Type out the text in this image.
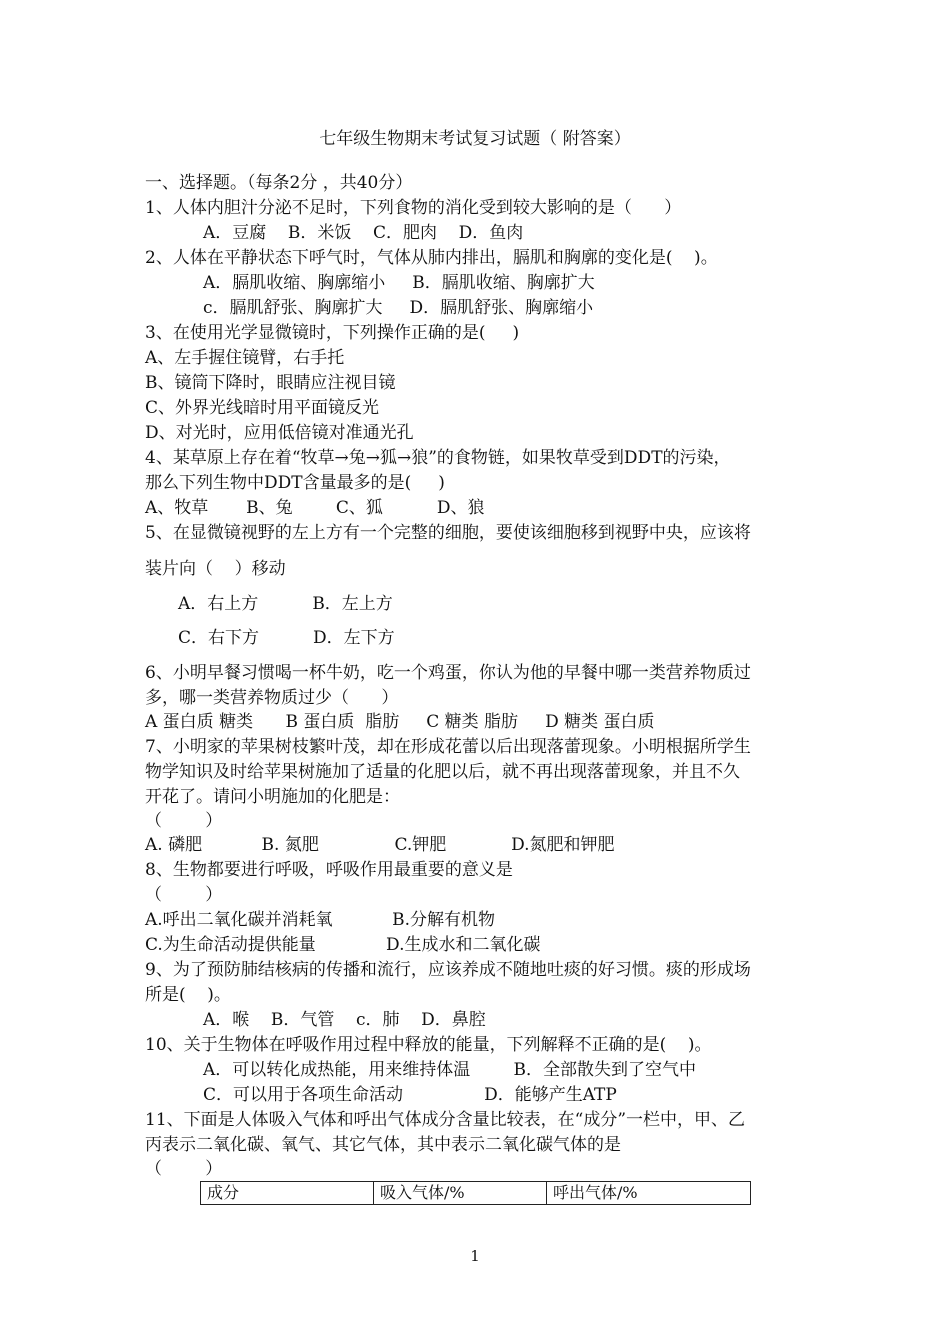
七年级生物期末考试复习试题（ 附答案）
一、选择题。（每条2分 ，共40分）
1、人体内胆汁分泌不足时，下列食物的消化受到较大影响的是（      ）
A．豆腐    B．米饭    C．肥肉    D．鱼肉
2、人体在平静状态下呼气时，气体从肺内排出，膈肌和胸廓的变化是(    )。
A．膈肌收缩、胸廓缩小     B．膈肌收缩、胸廓扩大
c．膈肌舒张、胸廓扩大     D．膈肌舒张、胸廓缩小
3、在使用光学显微镜时，下列操作正确的是(     )
A、左手握住镜臂，右手托
B、镜筒下降时，眼睛应注视目镜
C、外界光线暗时用平面镜反光
D、对光时，应用低倍镜对准通光孔
4、某草原上存在着“牧草→兔→狐→狼”的食物链，如果牧草受到DDT的污染，
那么下列生物中DDT含量最多的是(     )
A、牧草       B、兔        C、狐          D、狼
5、在显微镜视野的左上方有一个完整的细胞，要使该细胞移到视野中央，应该将
装片向（    ）移动
A．右上方          B．左上方
C．右下方          D．左下方
6、小明早餐习惯喝一杯牛奶，吃一个鸡蛋，你认为他的早餐中哪一类营养物质过
多，哪一类营养物质过少（      ）
A 蛋白质 糖类      B 蛋白质  脂肪     C 糖类 脂肪     D 糖类 蛋白质
7、小明家的苹果树枝繁叶茂，却在形成花蕾以后出现落蕾现象。小明根据所学生
物学知识及时给苹果树施加了适量的化肥以后，就不再出现落蕾现象，并且不久
开花了。请问小明施加的化肥是：
（        ）
A. 磷肥           B. 氮肥              C.钾肥            D.氮肥和钾肥
8、生物都要进行呼吸，呼吸作用最重要的意义是
（        ）
A.呼出二氧化碳并消耗氧           B.分解有机物
C.为生命活动提供能量             D.生成水和二氧化碳
9、为了预防肺结核病的传播和流行，应该养成不随地吐痰的好习惯。痰的形成场
所是(    )。
A．喉    B．气管    c．肺    D．鼻腔
10、关于生物体在呼吸作用过程中释放的能量，下列解释不正确的是(    )。
A．可以转化成热能，用来维持体温        B．全部散失到了空气中
C．可以用于各项生命活动               D．能够产生ATP
11、下面是人体吸入气体和呼出气体成分含量比较表，在“成分”一栏中，甲、乙
丙表示二氧化碳、氧气、其它气体，其中表示二氧化碳气体的是
（        ）
成分	吸入气体/%	呼出气体/%
1
